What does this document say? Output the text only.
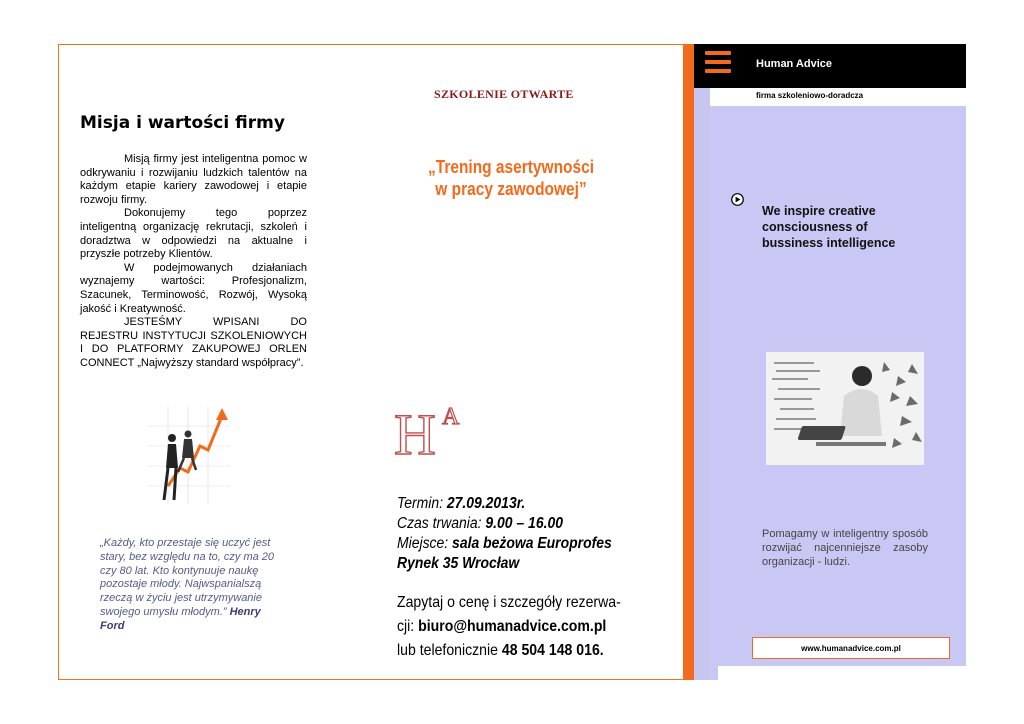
Human Advice
firma szkoleniowo-doradcza
Misja i wartości firmy

Misją firmy jest inteligentna pomoc w odkrywaniu i rozwijaniu ludzkich talentów na każdym etapie kariery zawodowej i etapie rozwoju firmy.

Dokonujemy tego poprzez inteligentną organizację rekrutacji, szkoleń i doradztwa w odpowiedzi na aktualne i przyszłe potrzeby Klientów.

W podejmowanych działaniach wyznajemy wartości: Profesjonalizm, Szacunek, Terminowość, Rozwój, Wysoką jakość i Kreatywność.

JESTEŚMY WPISANI DO REJESTRU INSTYTUCJI SZKOLENIOWYCH I DO PLATFORMY ZAKUPOWEJ ORLEN CONNECT „Najwyższy standard współpracy”.

„Każdy, kto przestaje się uczyć jest stary, bez względu na to, czy ma 20 czy 80 lat. Kto kontynuuje naukę pozostaje młody. Najwspanialszą rzeczą w życiu jest utrzymywanie swojego umysłu młodym.” Henry Ford
SZKOLENIE OTWARTE
„Trening asertywności
w pracy zawodowej”
H A
Termin: 27.09.2013r.
Czas trwania: 9.00 – 16.00
Miejsce: sala beżowa Europrofes
Rynek 35 Wrocław
Zapytaj o cenę i szczegóły rezerwa-
cji: biuro@humanadvice.com.pl
lub telefonicznie 48 504 148 016.
We inspire creative consciousness of bussiness intelligence
Pomagamy w inteligentny sposób rozwijać najcenniejsze zasoby organizacji - ludzi.
www.humanadvice.com.pl
